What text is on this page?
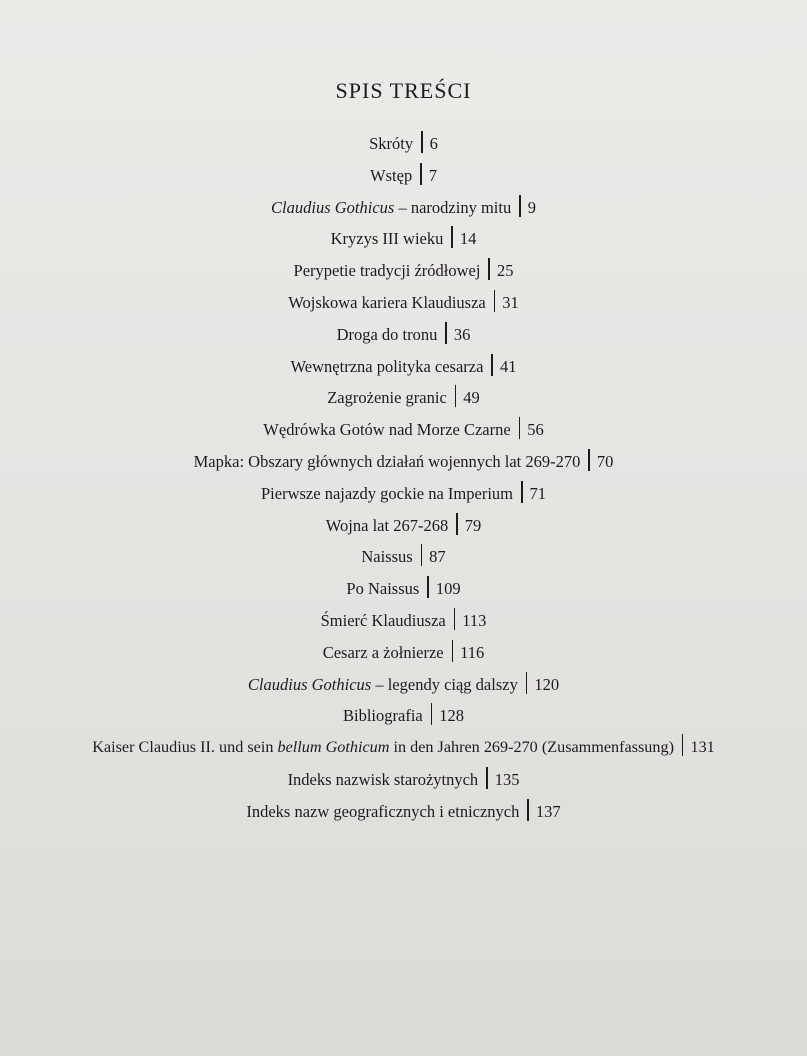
SPIS TREŚCI
Skróty 6
Wstęp 7
Claudius Gothicus – narodziny mitu 9
Kryzys III wieku 14
Perypetie tradycji źródłowej 25
Wojskowa kariera Klaudiusza 31
Droga do tronu 36
Wewnętrzna polityka cesarza 41
Zagrożenie granic 49
Wędrówka Gotów nad Morze Czarne 56
Mapka: Obszary głównych działań wojennych lat 269-270 70
Pierwsze najazdy gockie na Imperium 71
Wojna lat 267-268 79
Naissus 87
Po Naissus 109
Śmierć Klaudiusza 113
Cesarz a żołnierze 116
Claudius Gothicus – legendy ciąg dalszy 120
Bibliografia 128
Kaiser Claudius II. und sein bellum Gothicum in den Jahren 269-270 (Zusammenfassung) 131
Indeks nazwisk starożytnych 135
Indeks nazw geograficznych i etnicznych 137
